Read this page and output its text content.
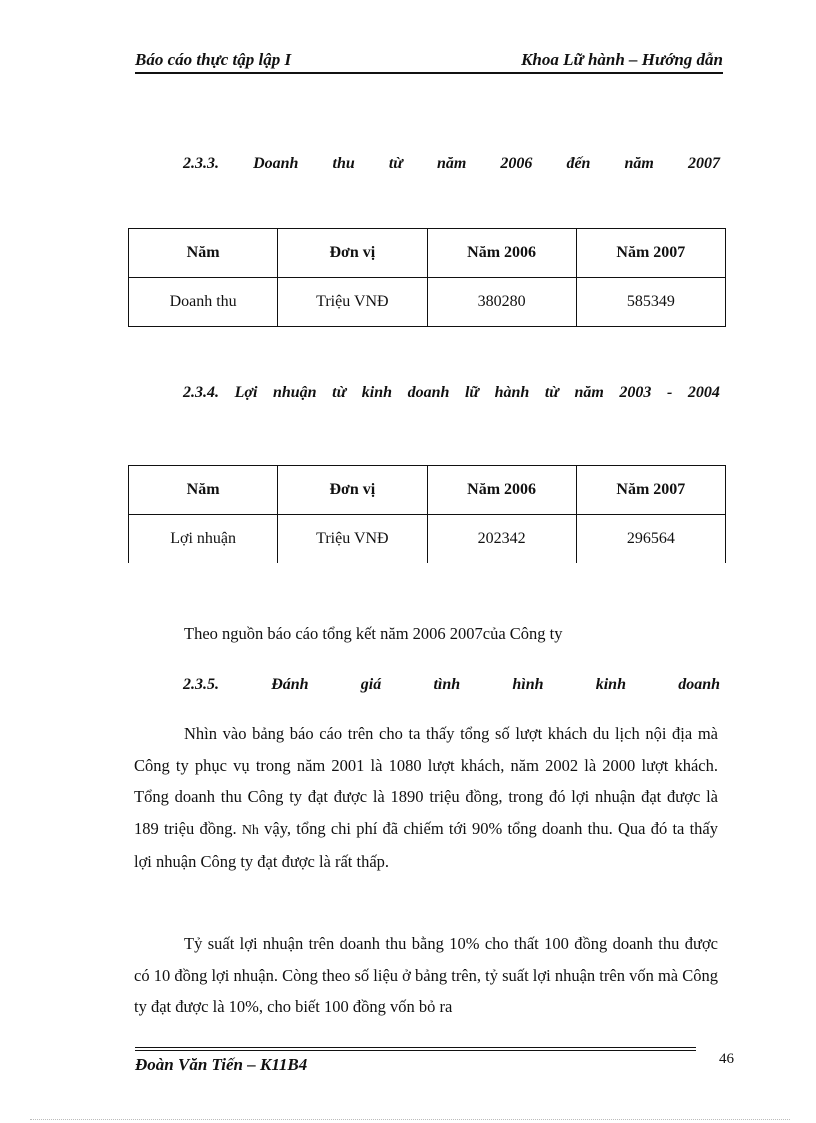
Báo cáo thực tập lập I	Khoa Lữ hành – Hướng dẫn
2.3.3. Doanh thu từ năm 2006 đến năm 2007
Năm	Đơn vị	Năm 2006	Năm 2007
Doanh thu	Triệu VNĐ	380280	585349
2.3.4. Lợi nhuận từ kinh doanh lữ hành từ năm 2003 - 2004
Năm	Đơn vị	Năm 2006	Năm 2007
Lợi nhuận	Triệu VNĐ	202342	296564
Theo nguồn báo cáo tổng kết năm 2006 2007của Công ty
2.3.5.	Đánh	giá	tình	hình	kinh	doanh
Nhìn vào bảng báo cáo trên cho ta thấy tổng số lượt khách du lịch nội địa mà Công ty phục vụ trong năm 2001 là 1080 lượt khách, năm 2002 là 2000 lượt khách. Tổng doanh thu Công ty đạt được là 1890 triệu đồng, trong đó lợi nhuận đạt được là 189 triệu đồng. Nh vậy, tổng chi phí đã chiếm tới 90% tổng doanh thu. Qua đó ta thấy lợi nhuận Công ty đạt được là rất thấp.
Tỷ suất lợi nhuận trên doanh thu bằng 10% cho thất 100 đồng doanh thu được có 10 đồng lợi nhuận. Còng theo số liệu ở bảng trên, tỷ suất lợi nhuận trên vốn mà Công ty đạt được là 10%, cho biết 100 đồng vốn bỏ ra
Đoàn Văn Tiến – K11B4	46
